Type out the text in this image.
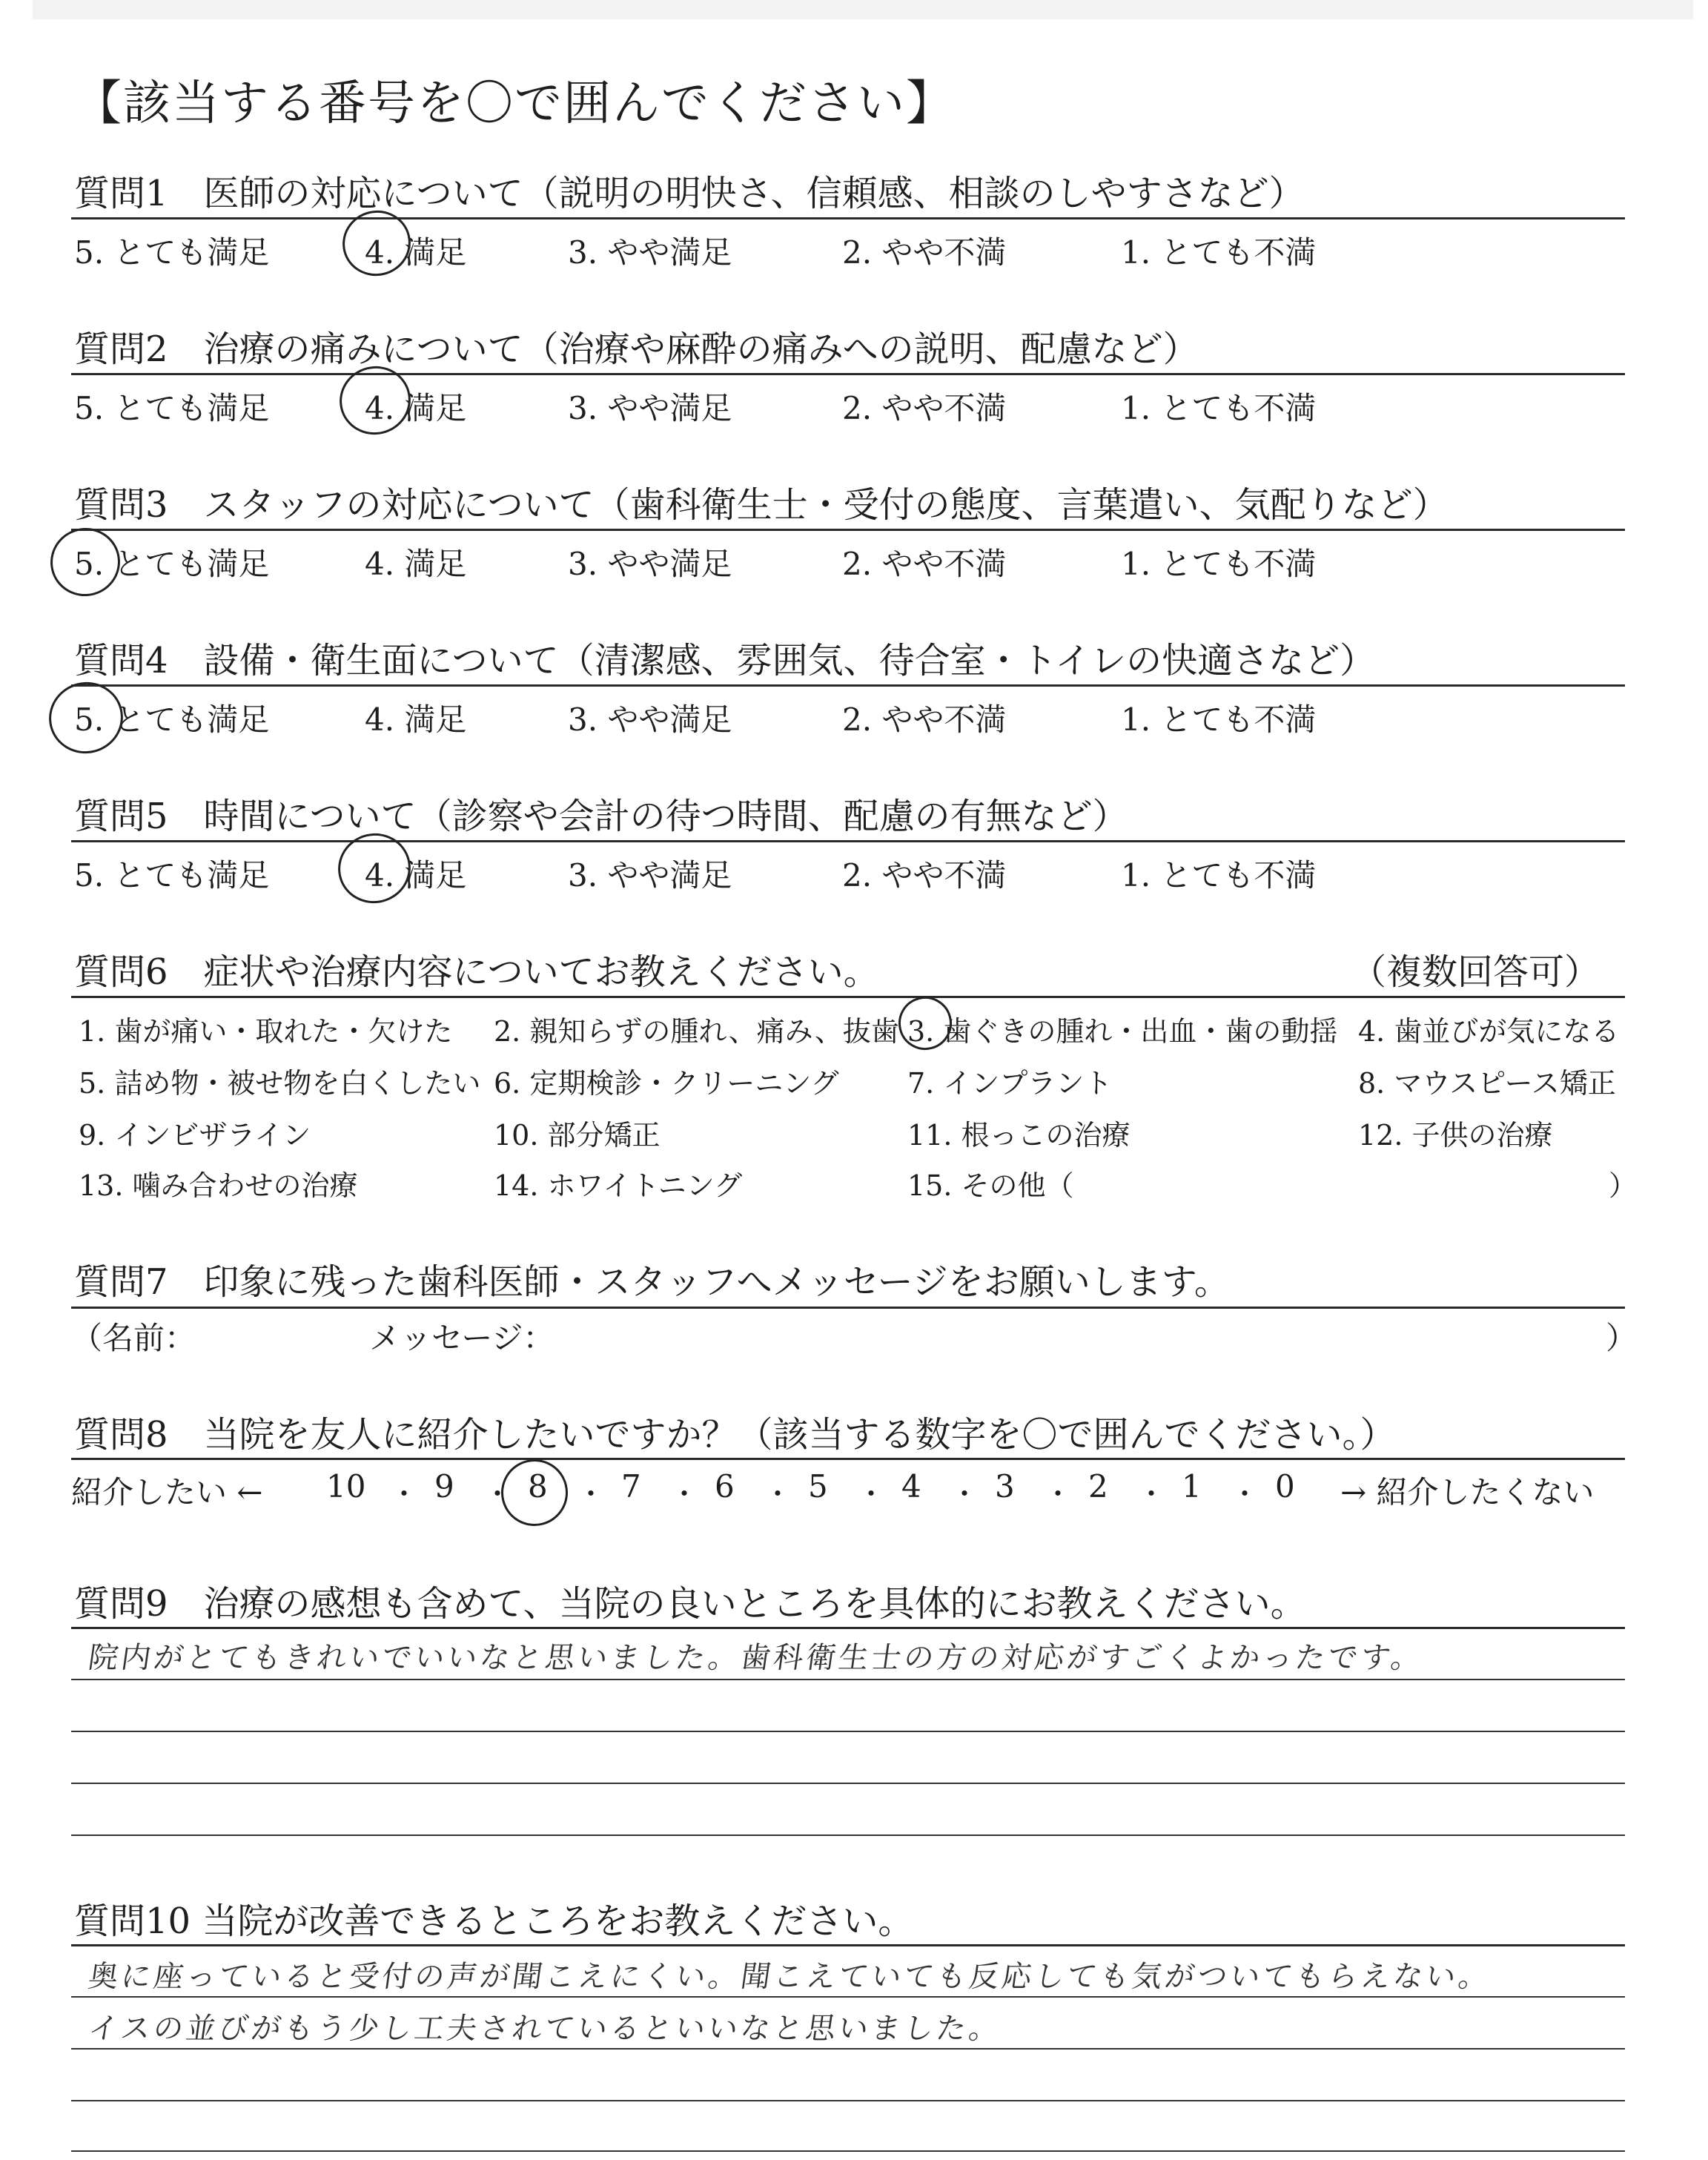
【該当する番号を〇で囲んでください】
質問1　医師の対応について（説明の明快さ、信頼感、相談のしやすさなど）
5. とても満足	4. 満足	3. やや満足	2. やや不満	1. とても不満
質問2　治療の痛みについて（治療や麻酔の痛みへの説明、配慮など）
5. とても満足	4. 満足	3. やや満足	2. やや不満	1. とても不満
質問3　スタッフの対応について（歯科衛生士・受付の態度、言葉遣い、気配りなど）
5. とても満足	4. 満足	3. やや満足	2. やや不満	1. とても不満
質問4　設備・衛生面について（清潔感、雰囲気、待合室・トイレの快適さなど）
5. とても満足	4. 満足	3. やや満足	2. やや不満	1. とても不満
質問5　時間について（診察や会計の待つ時間、配慮の有無など）
5. とても満足	4. 満足	3. やや満足	2. やや不満	1. とても不満
質問6　症状や治療内容についてお教えください。	（複数回答可）
1. 歯が痛い・取れた・欠けた 2. 親知らずの腫れ、痛み、抜歯 3. 歯ぐきの腫れ・出血・歯の動揺 4. 歯並びが気になる
5. 詰め物・被せ物を白くしたい 6. 定期検診・クリーニング 7. インプラント	8. マウスピース矯正
9. インビザライン	10. 部分矯正	11. 根っこの治療	12. 子供の治療
13. 噛み合わせの治療	14. ホワイトニング	15. その他（	）
質問7　印象に残った歯科医師・スタッフへメッセージをお願いします。
（名前：	メッセージ：	）
質問8　当院を友人に紹介したいですか？（該当する数字を〇で囲んでください。）
紹介したい ←	→ 紹介したくない
10 ・ 9 ・ 8 ・ 7 ・ 6 ・ 5 ・ 4 ・ 3 ・ 2 ・ 1 ・ 0
質問9　治療の感想も含めて、当院の良いところを具体的にお教えください。
院内がとてもきれいでいいなと思いました。歯科衛生士の方の対応がすごくよかったです。
質問10 当院が改善できるところをお教えください。
奥に座っていると受付の声が聞こえにくい。聞こえていても反応しても気がついてもらえない。
イスの並びがもう少し工夫されているといいなと思いました。
